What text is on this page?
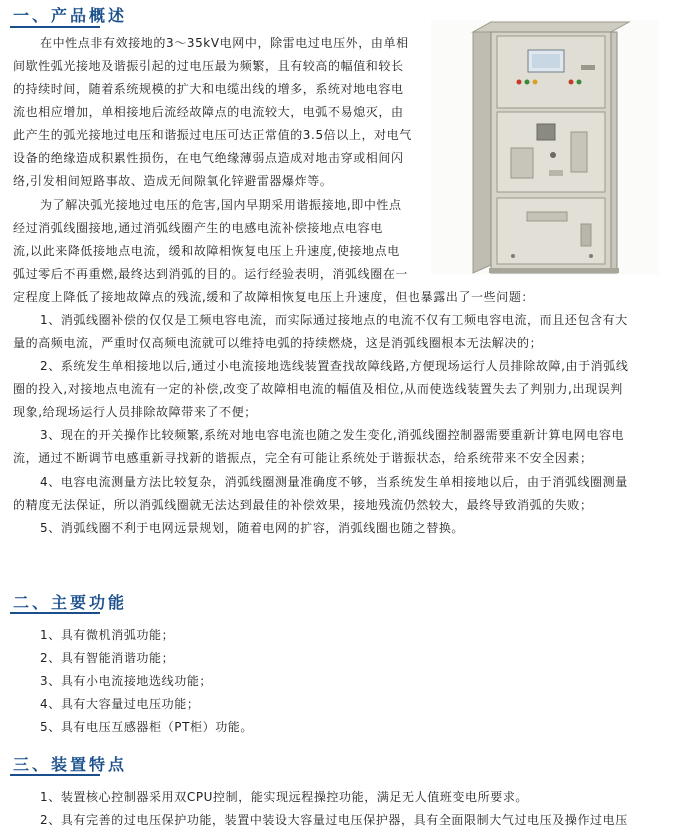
一、产品概述
在中性点非有效接地的3～35kV电网中，除雷电过电压外，由单相
间歇性弧光接地及谐振引起的过电压最为频繁，且有较高的幅值和较长
的持续时间，随着系统规模的扩大和电缆出线的增多，系统对地电容电
流也相应增加，单相接地后流经故障点的电流较大，电弧不易熄灭，由
此产生的弧光接地过电压和谐振过电压可达正常值的3.5倍以上，对电气
设备的绝缘造成积累性损伤，在电气绝缘薄弱点造成对地击穿或相间闪
络,引发相间短路事故、造成无间隙氧化锌避雷器爆炸等。
为了解决弧光接地过电压的危害,国内早期采用谐振接地,即中性点
经过消弧线圈接地,通过消弧线圈产生的电感电流补偿接地点电容电
流,以此来降低接地点电流，缓和故障相恢复电压上升速度,使接地点电
弧过零后不再重燃,最终达到消弧的目的。运行经验表明，消弧线圈在一
定程度上降低了接地故障点的残流,缓和了故障相恢复电压上升速度，但也暴露出了一些问题：
1、消弧线圈补偿的仅仅是工频电容电流，而实际通过接地点的电流不仅有工频电容电流，而且还包含有大
量的高频电流，严重时仅高频电流就可以维持电弧的持续燃烧，这是消弧线圈根本无法解决的；
2、系统发生单相接地以后,通过小电流接地选线装置查找故障线路,方便现场运行人员排除故障,由于消弧线
圈的投入,对接地点电流有一定的补偿,改变了故障相电流的幅值及相位,从而使选线装置失去了判别力,出现误判
现象,给现场运行人员排除故障带来了不便；
3、现在的开关操作比较频繁,系统对地电容电流也随之发生变化,消弧线圈控制器需要重新计算电网电容电
流，通过不断调节电感重新寻找新的谐振点，完全有可能让系统处于谐振状态，给系统带来不安全因素；
4、电容电流测量方法比较复杂，消弧线圈测量准确度不够，当系统发生单相接地以后，由于消弧线圈测量
的精度无法保证，所以消弧线圈就无法达到最佳的补偿效果，接地残流仍然较大，最终导致消弧的失败；
5、消弧线圈不利于电网远景规划，随着电网的扩容，消弧线圈也随之替换。
二、主要功能
1、具有微机消弧功能；
2、具有智能消谐功能；
3、具有小电流接地选线功能；
4、具有大容量过电压功能；
5、具有电压互感器柜（PT柜）功能。
三、装置特点
1、装置核心控制器采用双CPU控制，能实现远程操控功能，满足无人值班变电所要求。
2、具有完善的过电压保护功能，装置中装设大容量过电压保护器，具有全面限制大气过电压及操作过电压
